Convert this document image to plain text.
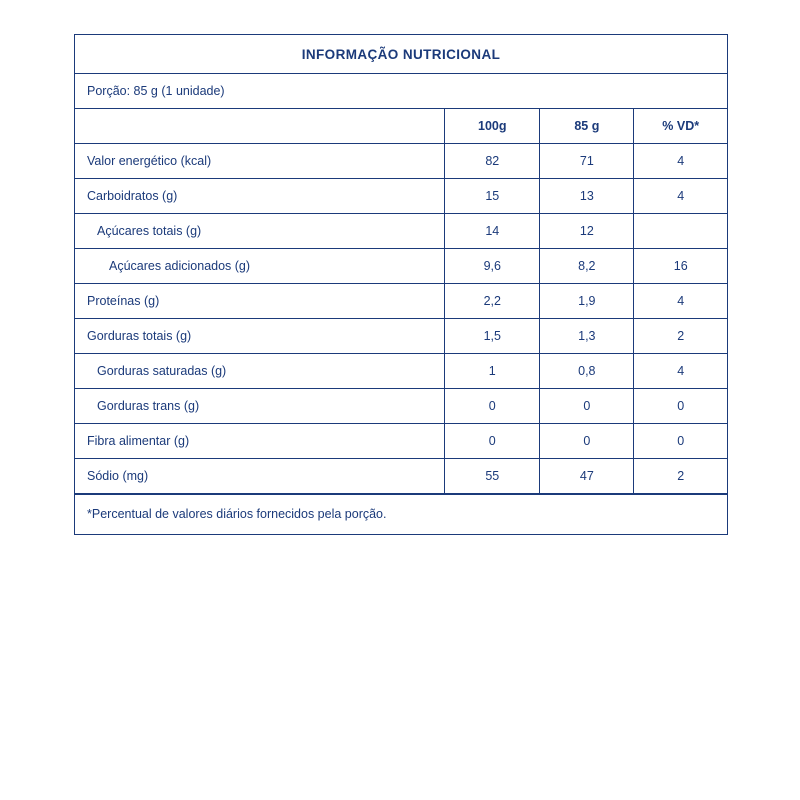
INFORMAÇÃO NUTRICIONAL
Porção: 85 g (1 unidade)
	100g	85 g	% VD*
Valor energético (kcal)	82	71	4
Carboidratos (g)	15	13	4
Açúcares totais (g)	14	12	
Açúcares adicionados (g)	9,6	8,2	16
Proteínas (g)	2,2	1,9	4
Gorduras totais (g)	1,5	1,3	2
Gorduras saturadas (g)	1	0,8	4
Gorduras trans (g)	0	0	0
Fibra alimentar (g)	0	0	0
Sódio (mg)	55	47	2
*Percentual de valores diários fornecidos pela porção.
